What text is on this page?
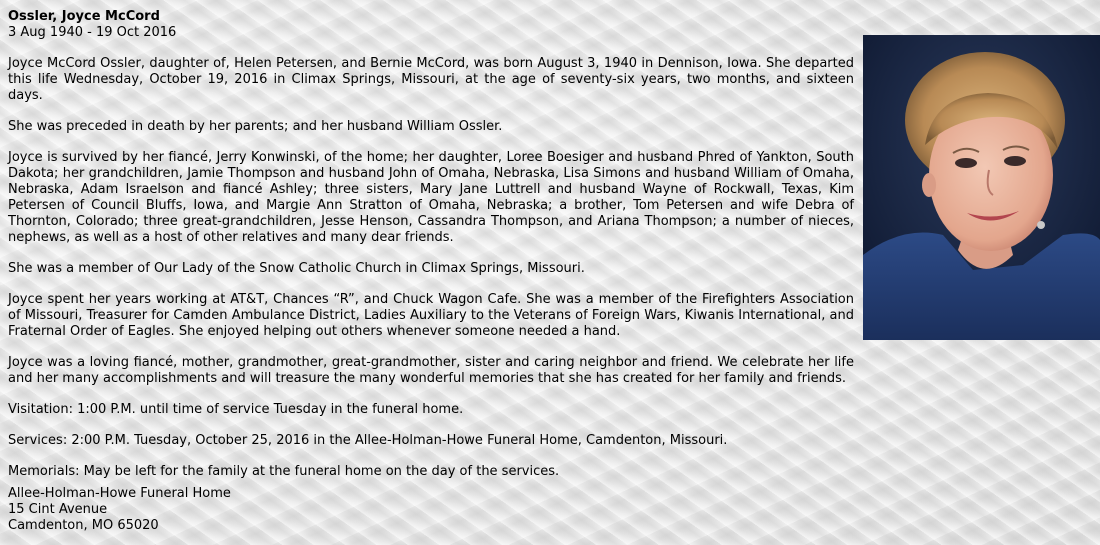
Ossler, Joyce McCord
3 Aug 1940 - 19 Oct 2016

Joyce McCord Ossler, daughter of, Helen Petersen, and Bernie McCord, was born August 3, 1940 in Dennison, Iowa. She departed this life Wednesday, October 19, 2016 in Climax Springs, Missouri, at the age of seventy-six years, two months, and sixteen days.

She was preceded in death by her parents; and her husband William Ossler.

Joyce is survived by her fiancé, Jerry Konwinski, of the home; her daughter, Loree Boesiger and husband Phred of Yankton, South Dakota; her grandchildren, Jamie Thompson and husband John of Omaha, Nebraska, Lisa Simons and husband William of Omaha, Nebraska, Adam Israelson and fiancé Ashley; three sisters, Mary Jane Luttrell and husband Wayne of Rockwall, Texas, Kim Petersen of Council Bluffs, Iowa, and Margie Ann Stratton of Omaha, Nebraska; a brother, Tom Petersen and wife Debra of Thornton, Colorado; three great-grandchildren, Jesse Henson, Cassandra Thompson, and Ariana Thompson; a number of nieces, nephews, as well as a host of other relatives and many dear friends.

She was a member of Our Lady of the Snow Catholic Church in Climax Springs, Missouri.

Joyce spent her years working at AT&T, Chances “R”, and Chuck Wagon Cafe. She was a member of the Firefighters Association of Missouri, Treasurer for Camden Ambulance District, Ladies Auxiliary to the Veterans of Foreign Wars, Kiwanis International, and Fraternal Order of Eagles. She enjoyed helping out others whenever someone needed a hand.

Joyce was a loving fiancé, mother, grandmother, great-grandmother, sister and caring neighbor and friend. We celebrate her life and her many accomplishments and will treasure the many wonderful memories that she has created for her family and friends.

Visitation: 1:00 P.M. until time of service Tuesday in the funeral home.

Services: 2:00 P.M. Tuesday, October 25, 2016 in the Allee-Holman-Howe Funeral Home, Camdenton, Missouri.

Memorials: May be left for the family at the funeral home on the day of the services.

Allee-Holman-Howe Funeral Home
15 Cint Avenue
Camdenton, MO 65020
